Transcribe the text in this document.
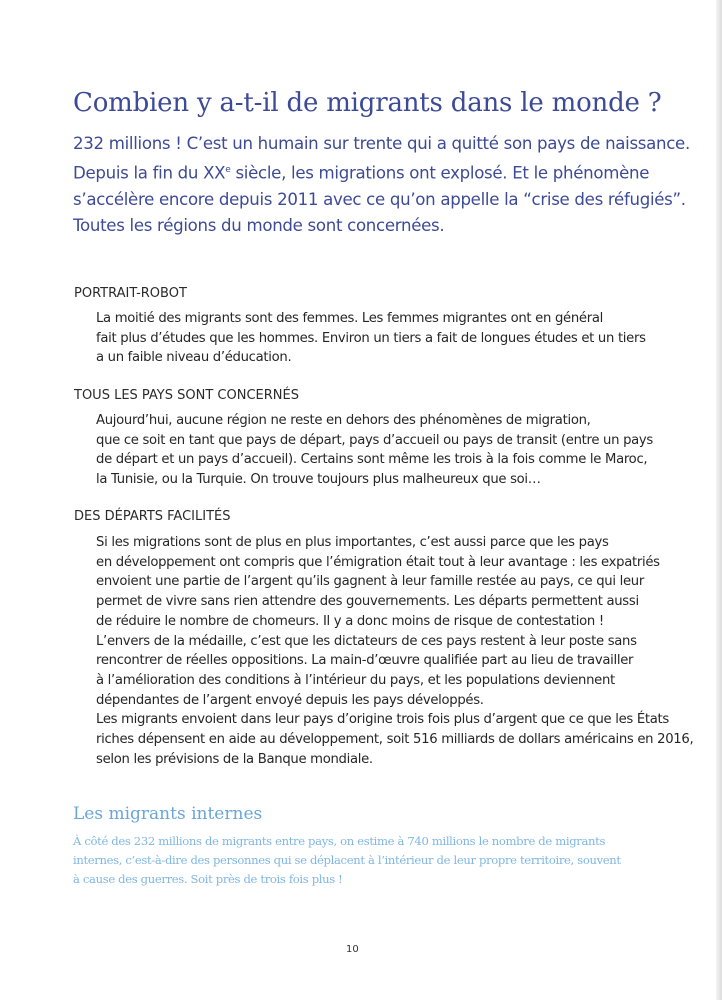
Combien y a-t-il de migrants dans le monde ?

232 millions ! C’est un humain sur trente qui a quitté son pays de naissance.

Depuis la fin du XXe siècle, les migrations ont explosé. Et le phénomène

s’accélère encore depuis 2011 avec ce qu’on appelle la “crise des réfugiés”.

Toutes les régions du monde sont concernées.

PORTRAIT-ROBOT

La moitié des migrants sont des femmes. Les femmes migrantes ont en général

fait plus d’études que les hommes. Environ un tiers a fait de longues études et un tiers

a un faible niveau d’éducation.

TOUS LES PAYS SONT CONCERNÉS

Aujourd’hui, aucune région ne reste en dehors des phénomènes de migration,

que ce soit en tant que pays de départ, pays d’accueil ou pays de transit (entre un pays

de départ et un pays d’accueil). Certains sont même les trois à la fois comme le Maroc,

la Tunisie, ou la Turquie. On trouve toujours plus malheureux que soi…

DES DÉPARTS FACILITÉS

Si les migrations sont de plus en plus importantes, c’est aussi parce que les pays

en développement ont compris que l’émigration était tout à leur avantage : les expatriés

envoient une partie de l’argent qu’ils gagnent à leur famille restée au pays, ce qui leur

permet de vivre sans rien attendre des gouvernements. Les départs permettent aussi

de réduire le nombre de chomeurs. Il y a donc moins de risque de contestation !

L’envers de la médaille, c’est que les dictateurs de ces pays restent à leur poste sans

rencontrer de réelles oppositions. La main-d’œuvre qualifiée part au lieu de travailler

à l’amélioration des conditions à l’intérieur du pays, et les populations deviennent

dépendantes de l’argent envoyé depuis les pays développés.

Les migrants envoient dans leur pays d’origine trois fois plus d’argent que ce que les États

riches dépensent en aide au développement, soit 516 milliards de dollars américains en 2016,

selon les prévisions de la Banque mondiale.

Les migrants internes

À côté des 232 millions de migrants entre pays, on estime à 740 millions le nombre de migrants

internes, c’est-à-dire des personnes qui se déplacent à l’intérieur de leur propre territoire, souvent

à cause des guerres. Soit près de trois fois plus !

10
